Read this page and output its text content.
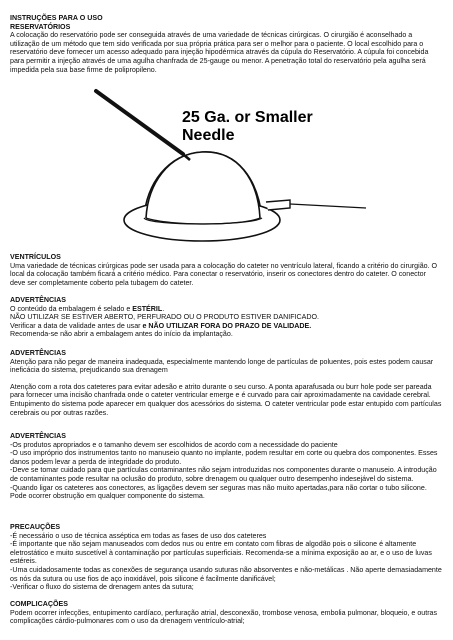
INSTRUÇÕES PARA O USO
RESERVATÓRIOS

A colocação do reservatório pode ser conseguida através de uma variedade de técnicas cirúrgicas. O cirurgião é aconselhado a utilização de um método que tem sido verificada por sua própria prática para ser o melhor para o paciente. O local escolhido para o reservatório deve fornecer um acesso adequado para injeção hipodérmica através da cúpula do Reservatório. A cúpula foi concebida para permitir a injeção através de uma agulha chanfrada de 25-gauge ou menor. A penetração total do reservatório pela agulha será impedida pela sua base firme de polipropileno.

25 Ga. or Smaller
Needle
VENTRÍCULOS

Uma variedade de técnicas cirúrgicas pode ser usada para a colocação do cateter no ventrículo lateral, ficando a critério do cirurgião. O local da colocação também ficará a critério médico. Para conectar o reservatório, inserir os conectores dentro do cateter. O conector deve ser completamente coberto pela tubagem do cateter.

ADVERTÊNCIAS

O conteúdo da embalagem é selado e ESTÉRIL.

NÃO UTILIZAR SE ESTIVER ABERTO, PERFURADO OU O PRODUTO ESTIVER DANIFICADO.

Verificar a data de validade antes de usar e NÃO UTILIZAR FORA DO PRAZO DE VALIDADE.

Recomenda-se não abrir a embalagem antes do início da implantação.

ADVERTÊNCIAS

Atenção para não pegar de maneira inadequada, especialmente mantendo longe de partículas de poluentes, pois estes podem causar ineficácia do sistema, prejudicando sua drenagem

Atenção com a rota dos cateteres para evitar adesão e atrito durante o seu curso. A ponta aparafusada ou burr hole pode ser pareada para fornecer uma incisão chanfrada onde o cateter ventricular emerge e é curvado para cair aproximadamente na cavidade cerebral.

Entupimento do sistema pode aparecer em qualquer dos acessórios do sistema. O cateter ventricular pode estar entupido com partículas cerebrais ou por outras razões.

ADVERTÊNCIAS

-Os produtos apropriados e o tamanho devem ser escolhidos de acordo com a necessidade do paciente

-O uso impróprio dos instrumentos tanto no manuseio quanto no implante, podem resultar em corte ou quebra dos componentes. Esses danos podem levar a perda de integridade do produto.

-Deve se tomar cuidado para que partículas contaminantes não sejam introduzidas nos componentes durante o manuseio. A introdução de contaminantes pode resultar na oclusão do produto, sobre drenagem ou qualquer outro desempenho indesejável do sistema.

-Quando ligar os cateteres aos conectores, as ligações devem ser seguras mas não muito apertadas,para não cortar o tubo silicone. Pode ocorrer obstrução em qualquer componente do sistema.

PRECAUÇÕES

-É necessário o uso de técnica asséptica em todas as fases de uso dos cateteres

-É importante que não sejam manuseados com dedos nus ou entre em contato com fibras de algodão pois o silicone é altamente eletrostático e muito suscetível à contaminação por partículas superficiais. Recomenda-se a mínima exposição ao ar, e o uso de luvas estéreis.

-Uma cuidadosamente todas as conexões de segurança usando suturas não absorventes e não-metálicas . Não aperte demasiadamente os nós da sutura ou use fios de aço inoxidável, pois silicone é facilmente danificável;

-Verificar o fluxo do sistema de drenagem antes da sutura;

COMPLICAÇÕES

Podem ocorrer infecções, entupimento cardíaco, perfuração atrial, desconexão, trombose venosa, embolia pulmonar, bloqueio, e outras complicações cárdio-pulmonares com o uso da drenagem ventrículo-atrial;
